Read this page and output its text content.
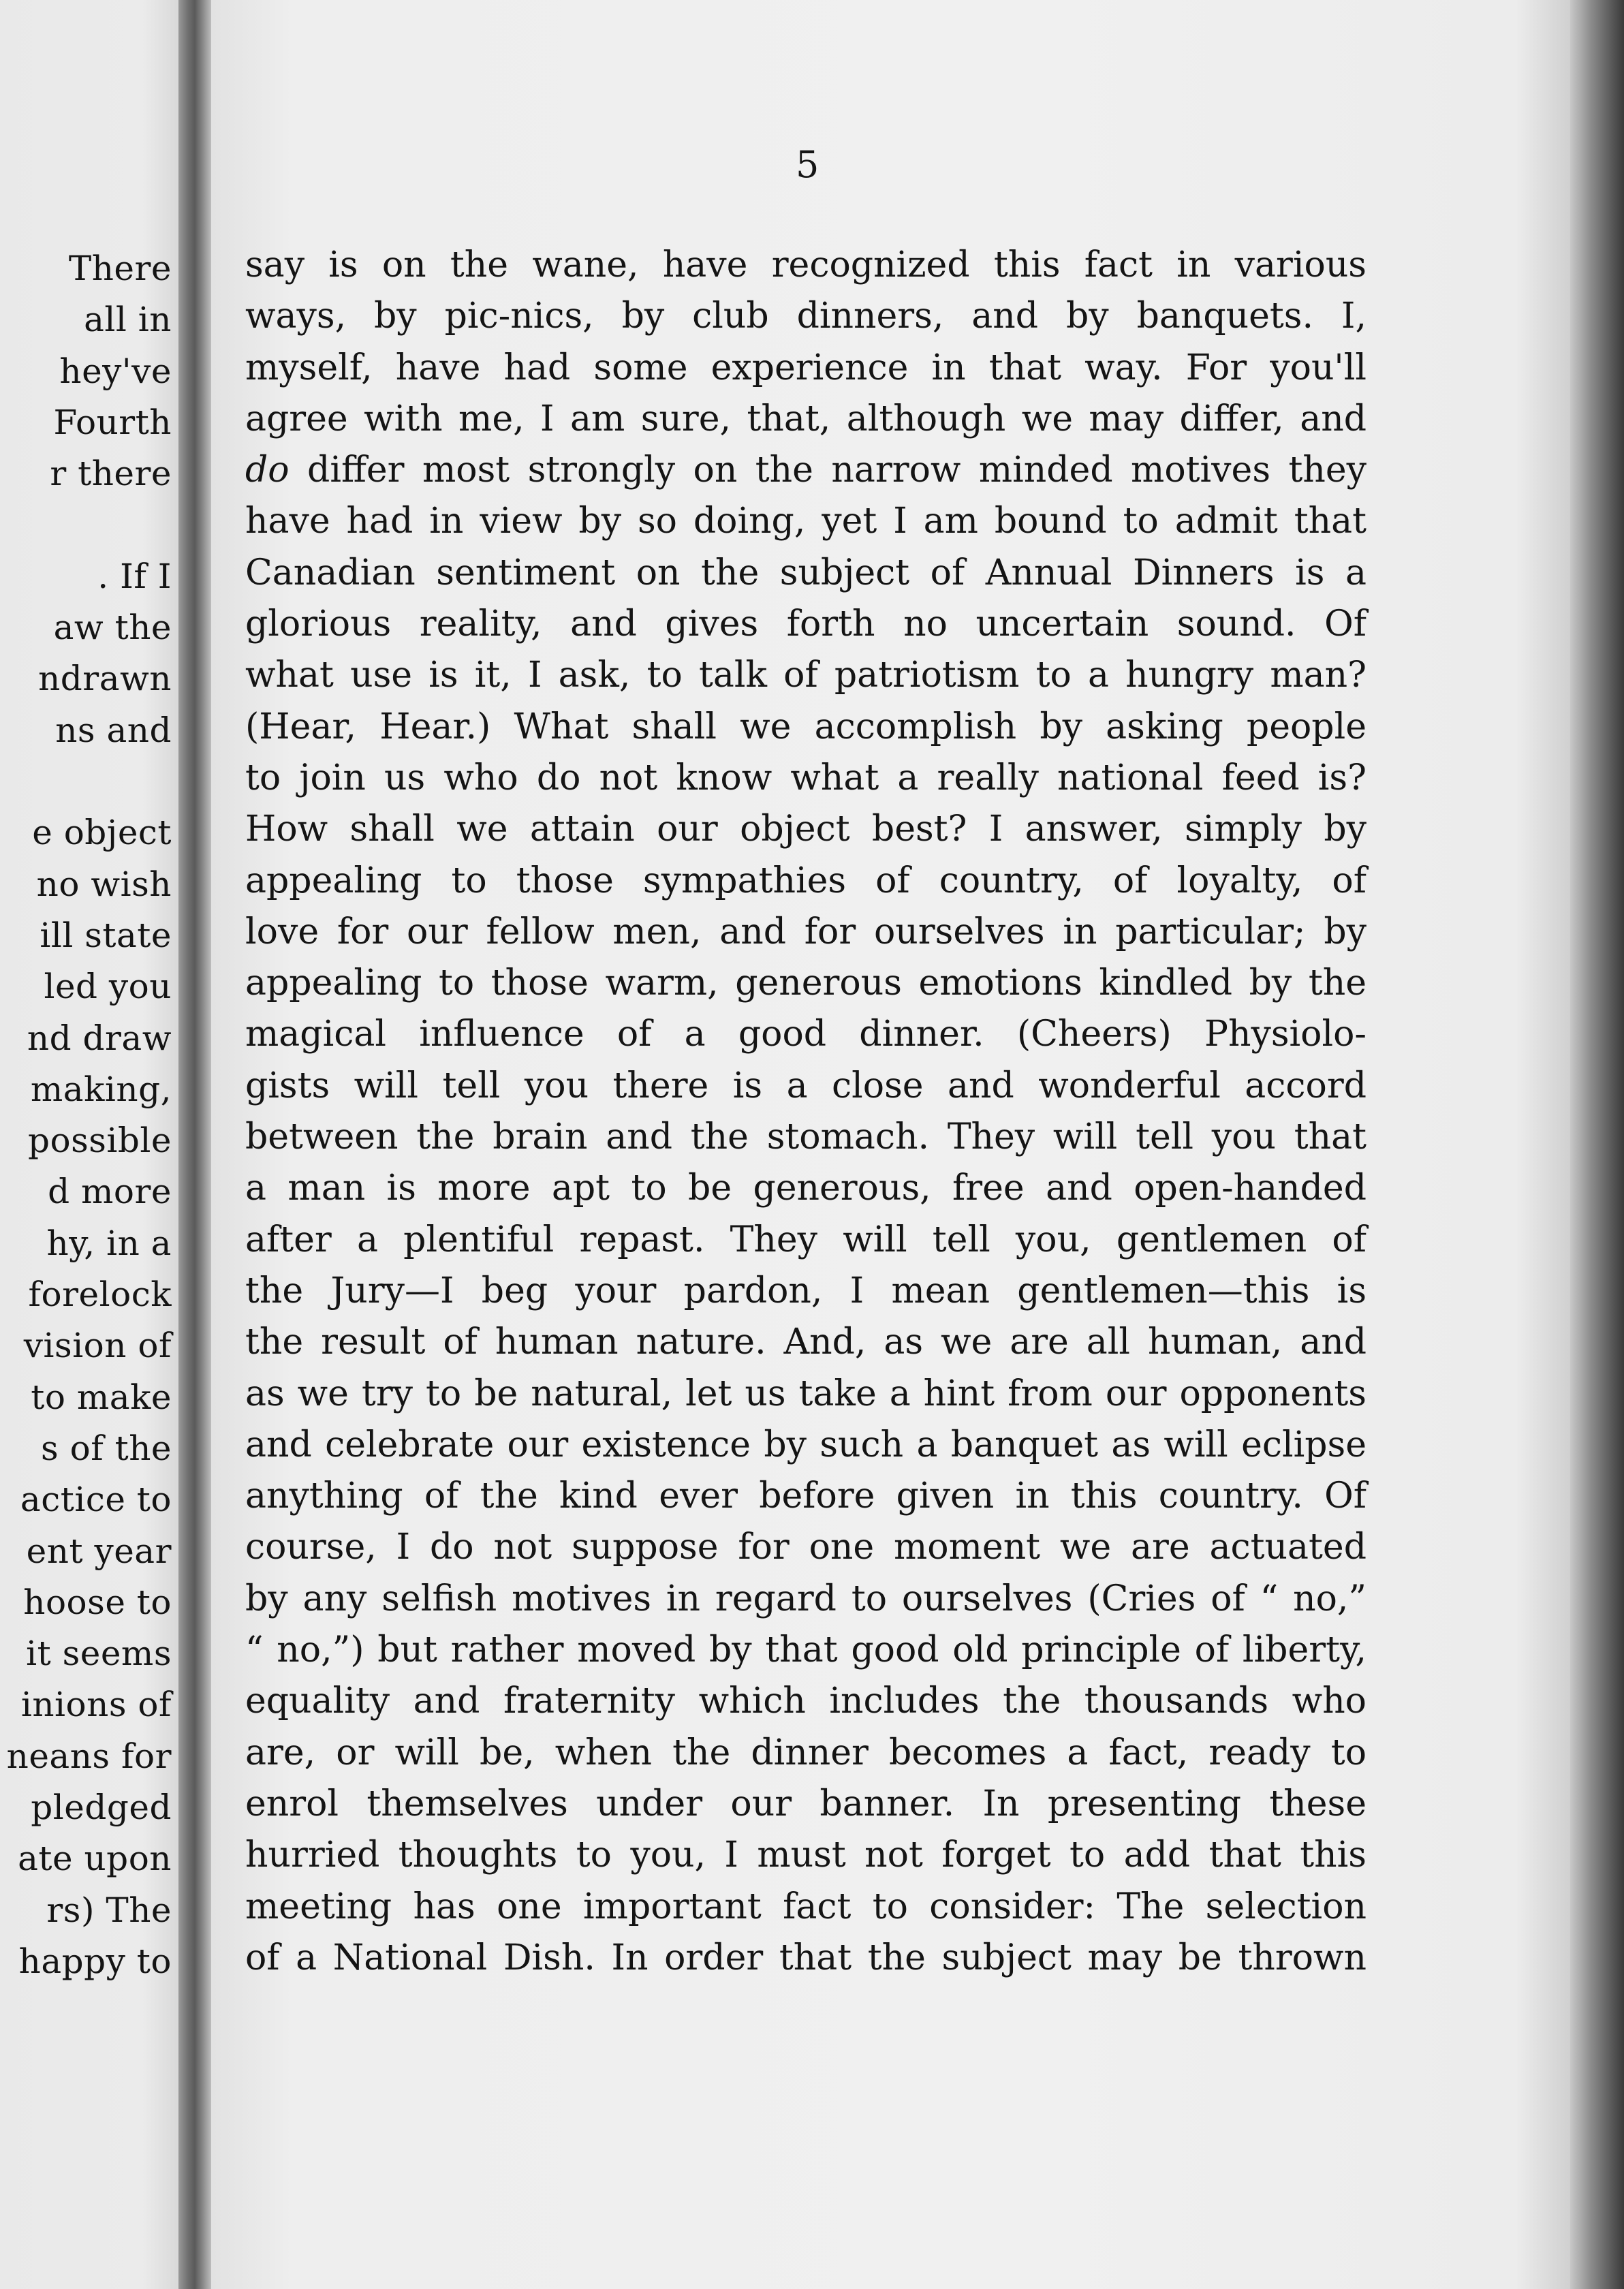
There
all in
hey've
Fourth
r there
. If I
aw the
ndrawn
ns and
e object
no wish
ill state
led you
nd draw
making,
possible
d more
hy, in a
forelock
vision of
to make
s of the
actice to
ent year
hoose to
it seems
inions of
neans for
pledged
ate upon
rs) The
happy to
5
say is on the wane, have recognized this fact in various
ways, by pic-nics, by club dinners, and by banquets. I,
myself, have had some experience in that way. For you'll
agree with me, I am sure, that, although we may differ, and
do differ most strongly on the narrow minded motives they
have had in view by so doing, yet I am bound to admit that
Canadian sentiment on the subject of Annual Dinners is a
glorious reality, and gives forth no uncertain sound. Of
what use is it, I ask, to talk of patriotism to a hungry man?
(Hear, Hear.) What shall we accomplish by asking people
to join us who do not know what a really national feed is?
How shall we attain our object best? I answer, simply by
appealing to those sympathies of country, of loyalty, of
love for our fellow men, and for ourselves in particular; by
appealing to those warm, generous emotions kindled by the
magical influence of a good dinner. (Cheers) Physiolo-
gists will tell you there is a close and wonderful accord
between the brain and the stomach. They will tell you that
a man is more apt to be generous, free and open-handed
after a plentiful repast. They will tell you, gentlemen of
the Jury—I beg your pardon, I mean gentlemen—this is
the result of human nature. And, as we are all human, and
as we try to be natural, let us take a hint from our opponents
and celebrate our existence by such a banquet as will eclipse
anything of the kind ever before given in this country. Of
course, I do not suppose for one moment we are actuated
by any selfish motives in regard to ourselves (Cries of “ no,”
“ no,”) but rather moved by that good old principle of liberty,
equality and fraternity which includes the thousands who
are, or will be, when the dinner becomes a fact, ready to
enrol themselves under our banner. In presenting these
hurried thoughts to you, I must not forget to add that this
meeting has one important fact to consider: The selection
of a National Dish. In order that the subject may be thrown
